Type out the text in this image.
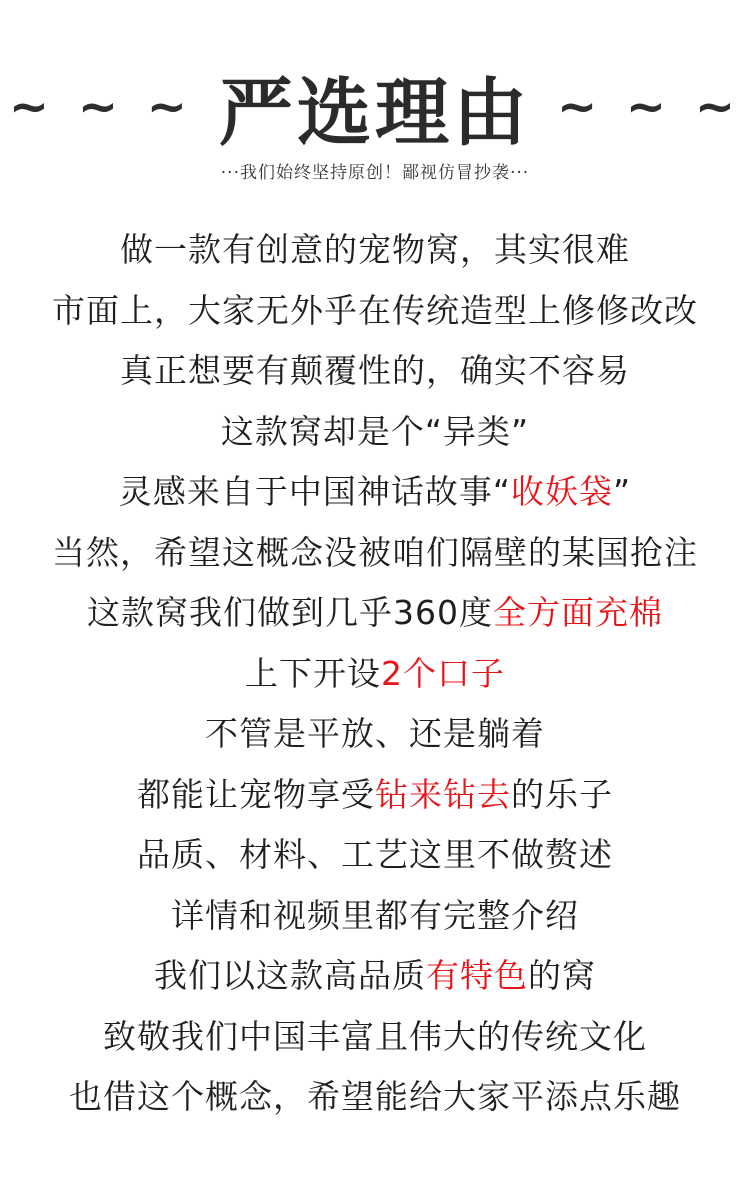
~ ~ ~ 严选理由 ~ ~ ~
···我们始终坚持原创！鄙视仿冒抄袭···
做一款有创意的宠物窝，其实很难
市面上，大家无外乎在传统造型上修修改改
真正想要有颠覆性的，确实不容易
这款窝却是个“异类”
灵感来自于中国神话故事“收妖袋”
当然，希望这概念没被咱们隔壁的某国抢注
这款窝我们做到几乎360度全方面充棉
上下开设2个口子
不管是平放、还是躺着
都能让宠物享受钻来钻去的乐子
品质、材料、工艺这里不做赘述
详情和视频里都有完整介绍
我们以这款高品质有特色的窝
致敬我们中国丰富且伟大的传统文化
也借这个概念，希望能给大家平添点乐趣
